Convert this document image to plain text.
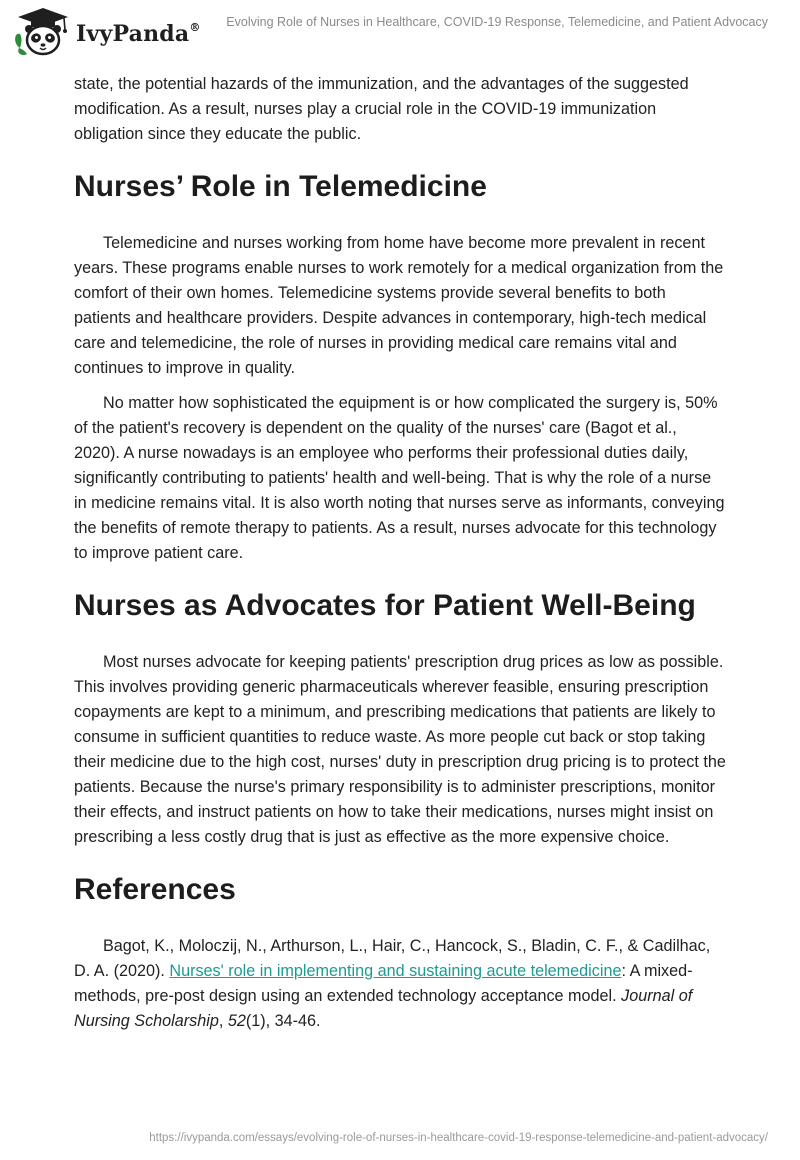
IvyPanda® Evolving Role of Nurses in Healthcare, COVID-19 Response, Telemedicine, and Patient Advocacy

state, the potential hazards of the immunization, and the advantages of the suggested modification. As a result, nurses play a crucial role in the COVID-19 immunization obligation since they educate the public.

Nurses’ Role in Telemedicine

Telemedicine and nurses working from home have become more prevalent in recent years. These programs enable nurses to work remotely for a medical organization from the comfort of their own homes. Telemedicine systems provide several benefits to both patients and healthcare providers. Despite advances in contemporary, high-tech medical care and telemedicine, the role of nurses in providing medical care remains vital and continues to improve in quality.

No matter how sophisticated the equipment is or how complicated the surgery is, 50% of the patient's recovery is dependent on the quality of the nurses' care (Bagot et al., 2020). A nurse nowadays is an employee who performs their professional duties daily, significantly contributing to patients' health and well-being. That is why the role of a nurse in medicine remains vital. It is also worth noting that nurses serve as informants, conveying the benefits of remote therapy to patients. As a result, nurses advocate for this technology to improve patient care.

Nurses as Advocates for Patient Well-Being

Most nurses advocate for keeping patients' prescription drug prices as low as possible. This involves providing generic pharmaceuticals wherever feasible, ensuring prescription copayments are kept to a minimum, and prescribing medications that patients are likely to consume in sufficient quantities to reduce waste. As more people cut back or stop taking their medicine due to the high cost, nurses' duty in prescription drug pricing is to protect the patients. Because the nurse's primary responsibility is to administer prescriptions, monitor their effects, and instruct patients on how to take their medications, nurses might insist on prescribing a less costly drug that is just as effective as the more expensive choice.

References

Bagot, K., Moloczij, N., Arthurson, L., Hair, C., Hancock, S., Bladin, C. F., & Cadilhac, D. A. (2020). Nurses' role in implementing and sustaining acute telemedicine: A mixed-methods, pre-post design using an extended technology acceptance model. Journal of Nursing Scholarship, 52(1), 34-46.

https://ivypanda.com/essays/evolving-role-of-nurses-in-healthcare-covid-19-response-telemedicine-and-patient-advocacy/
